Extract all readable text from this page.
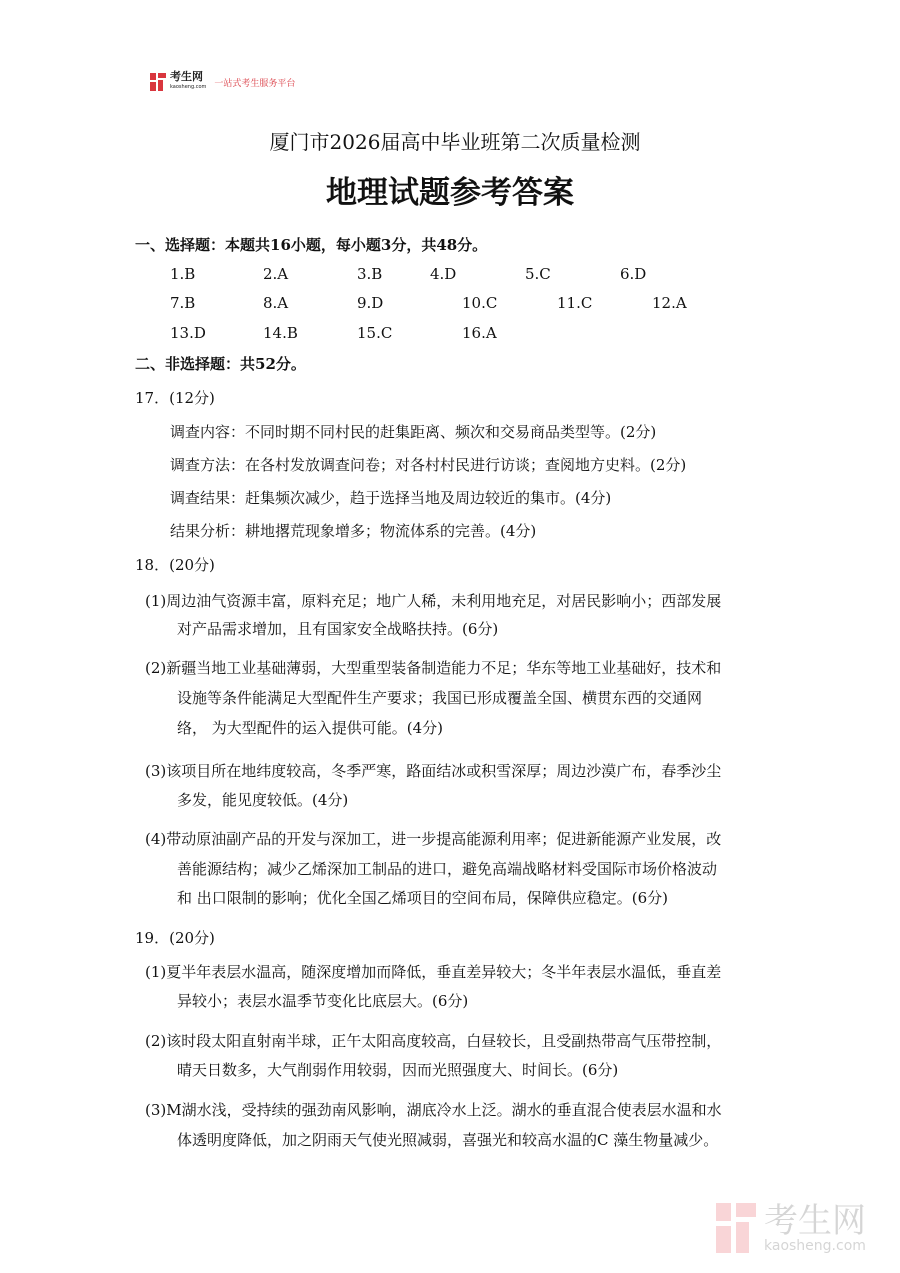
考生网
kaosheng.com 一站式考生服务平台
厦门市2026届高中毕业班第二次质量检测
地理试题参考答案
一、选择题：本题共16小题，每小题3分，共48分。
1.B	2.A	3.B	4.D	5.C	6.D
7.B	8.A	9.D	10.C	11.C	12.A
13.D	14.B	15.C	16.A
二、非选择题：共52分。
17．(12分)
调查内容：不同时期不同村民的赶集距离、频次和交易商品类型等。(2分)
调查方法：在各村发放调查问卷；对各村村民进行访谈；查阅地方史料。(2分)
调查结果：赶集频次减少，趋于选择当地及周边较近的集市。(4分)
结果分析：耕地撂荒现象增多；物流体系的完善。(4分)
18．(20分)
(1)周边油气资源丰富，原料充足；地广人稀，未利用地充足，对居民影响小；西部发展
对产品需求增加，且有国家安全战略扶持。(6分)
(2)新疆当地工业基础薄弱，大型重型装备制造能力不足；华东等地工业基础好，技术和
设施等条件能满足大型配件生产要求；我国已形成覆盖全国、横贯东西的交通网
络， 为大型配件的运入提供可能。(4分)
(3)该项目所在地纬度较高，冬季严寒，路面结冰或积雪深厚；周边沙漠广布，春季沙尘
多发，能见度较低。(4分)
(4)带动原油副产品的开发与深加工，进一步提高能源利用率；促进新能源产业发展，改
善能源结构；减少乙烯深加工制品的进口，避免高端战略材料受国际市场价格波动
和 出口限制的影响；优化全国乙烯项目的空间布局，保障供应稳定。(6分)
19．(20分)
(1)夏半年表层水温高，随深度增加而降低，垂直差异较大；冬半年表层水温低，垂直差
异较小；表层水温季节变化比底层大。(6分)
(2)该时段太阳直射南半球，正午太阳高度较高，白昼较长，且受副热带高气压带控制，
晴天日数多，大气削弱作用较弱，因而光照强度大、时间长。(6分)
(3)M湖水浅，受持续的强劲南风影响，湖底冷水上泛。湖水的垂直混合使表层水温和水
体透明度降低，加之阴雨天气使光照减弱，喜强光和较高水温的C 藻生物量减少。
考生网
kaosheng.com
